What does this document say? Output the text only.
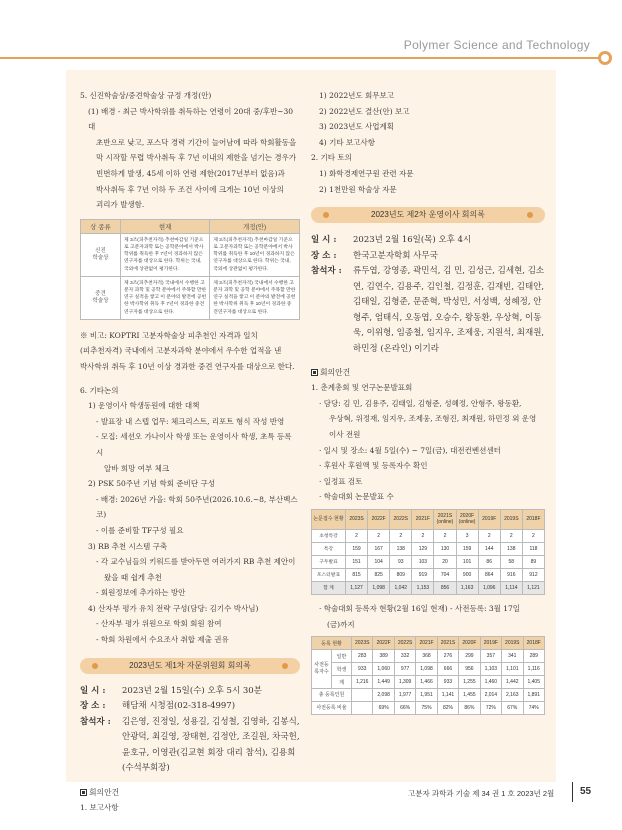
Polymer Science and Technology

5. 신진학술상/중견학술상 규정 개정(안)

(1) 배경 - 최근 박사학위를 취득하는 연령이 20대 중/후반~30대

초반으로 낮고, 포스닥 경력 기간이 늘어남에 따라 학회활동을

막 시작할 무렵 박사취득 후 7년 이내의 제한을 넘기는 경우가

빈번하게 발생, 45세 이하 연령 제한(2017년부터 없음)과

박사취득 후 7년 이하 두 조건 사이에 크게는 10년 이상의

괴리가 발생함.

상 종류	현재	개정(안)
신진
학술상	제 3조(피추천자격) 추천마감일 기준으로 고분자과학 또는 공학분야에서 박사학위를 취득한 후 7년이 경과하지 않은 연구자를 대상으로 한다. 학위는 국내, 국외에 상관없이 평가한다.	제 3조(피추천자격) 추천마감일 기준으로 고분자과학 또는 공학분야에서 박사학위를 취득한 후 10년이 경과하지 않은 연구자를 대상으로 한다. 학위는 국내, 국외에 상관없이 평가한다.
중견
학술상	제 3조(피추천자격) 국내에서 수행한 고분자 과학 및 공학 분야에서 주목할 만한 연구 실적을 쌓고 이 분야의 발전에 공헌한 박사학위 취득 후 7년이 경과한 중견연구자를 대상으로 한다.	제 3조(피추천자격) 국내에서 수행한 고분자 과학 및 공학 분야에서 주목할 만한 연구 실적을 쌓고 이 분야의 발전에 공헌한 박사학위 취득 후 10년이 경과한 중견연구자를 대상으로 한다.

※ 비고: KOPTRI 고분자학술상 피추천인 자격과 일치

(피추천자격) 국내에서 고분자과학 분야에서 우수한 업적을 낸

박사학위 취득 후 10년 이상 경과한 중견 연구자를 대상으로 한다.

6. 기타논의

1) 운영이사 학생동원에 대한 대책

- 발표장 내 스텝 업무: 체크리스트, 리포트 형식 작성 반영

- 모집: 세션오 가나이사 학생 또는 운영이사 학생, 초특 등록 시

알바 희망 여부 체크

2) PSK 50주년 기념 학회 준비단 구성

- 배경: 2026년 가을: 학회 50주년(2026.10.6.~8, 부산벡스코)

- 이를 준비할 TF구성 필요

3) RB 추천 시스템 구축

- 각 교수님들의 키워드를 받아두면 여러가지 RB 추천 제안이

왔을 때 쉽게 추천

- 회원정보에 추가하는 방안

4) 산자부 평가 유치 전략 구성(담당: 김기수 박사님)

- 산자부 평가 위원으로 학회 회원 참여

- 학회 차원에서 수요조사 취합 제출 권유

2023년도 제1차 자문위원회 회의록
일 시 :	2023년 2월 15일(수) 오후 5시 30분
장 소 :	해담채 시청점(02-318-4997)
참석자 :	김은영, 진정일, 성용길, 김성철, 김영하, 김봉식, 안광덕, 최길영, 장태현, 김정안, 조길원, 차국헌, 윤호규, 이영관(김교현 회장 대리 참석), 김용희(수석부회장)
회의안건

1. 보고사항

1) 2022년도 회무보고

2) 2022년도 결산(안) 보고

3) 2023년도 사업계획

4) 기타 보고사항

2. 기타 토의

1) 화학경제연구원 관련 자문

2) 1천만원 학술상 자문

2023년도 제2차 운영이사 회의록
일 시 :	2023년 2월 16일(목) 오후 4시
장 소 :	한국고분자학회 사무국
참석자 :	류두엽, 강영종, 곽민석, 김 민, 김성근, 김세현, 김소연, 김연수, 김용주, 김인철, 김정훈, 김재빈, 김태안, 김태일, 김형준, 문준혁, 박성민, 서성백, 성혜정, 안형주, 엄태식, 오동엽, 오승수, 왕동환, 우상혁, 이동욱, 이위형, 임종철, 임지우, 조제웅, 지원석, 최재원, 하민정 (온라인) 이기라
회의안건

1. 춘계총회 및 연구논문발표회

· 담당: 김 민, 김용주, 김태일, 김형준, 성혜정, 안형주, 왕동환,

우상혁, 위정재, 임지우, 조제웅, 조형진, 최재원, 하민정 외 운영

이사 전원

· 일시 및 장소: 4월 5일(수) ~ 7일(금), 대전컨벤션센터

· 후원사 후원액 및 등록자수 확인

· 일정표 검토

· 학술대회 논문발표 수

논문접수 현황	2023S	2022F	2022S	2021F	2021S (online)	2020F (online)	2019F	2019S	2018F
초청특강	2	2	2	2	2	3	2	2	2
특강	159	167	138	129	130	159	144	138	118
구두발표	151	104	93	103	20	101	86	58	89
포스터발표	815	825	809	919	704	900	864	916	912
합 계	1,127	1,098	1,042	1,153	856	1,163	1,096	1,114	1,121

· 학술대회 등록자 현황(2월 16일 현재) - 사전등록: 3월 17일

(금)까지

등록 현황		2023S	2022F	2022S	2021F	2021S	2020F	2019F	2019S	2018F
사전등록자수	일반	283	389	332	368	276	299	357	341	289
	학생	933	1,060	977	1,098	666	956	1,103	1,101	1,116
	계	1,216	1,449	1,309	1,466	933	1,255	1,460	1,442	1,405
총 등록인원			2,098	1,977	1,951	1,141	1,455	2,014	2,163	1,891
사전등록 비율			69%	66%	75%	82%	86%	72%	67%	74%
고분자 과학과 기술 제 34 권 1 호 2023년 2월	55
